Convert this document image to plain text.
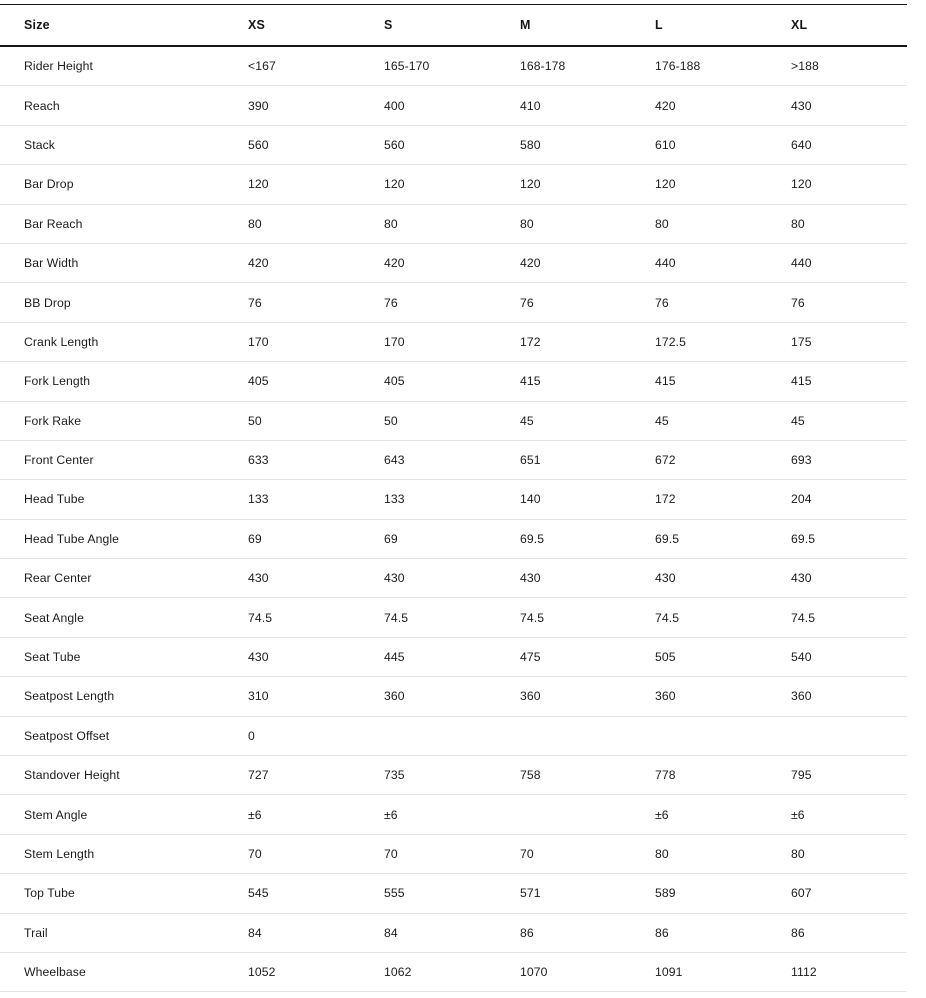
Size	XS	S	M	L	XL
Rider Height	<167	165-170	168-178	176-188	>188
Reach	390	400	410	420	430
Stack	560	560	580	610	640
Bar Drop	120	120	120	120	120
Bar Reach	80	80	80	80	80
Bar Width	420	420	420	440	440
BB Drop	76	76	76	76	76
Crank Length	170	170	172	172.5	175
Fork Length	405	405	415	415	415
Fork Rake	50	50	45	45	45
Front Center	633	643	651	672	693
Head Tube	133	133	140	172	204
Head Tube Angle	69	69	69.5	69.5	69.5
Rear Center	430	430	430	430	430
Seat Angle	74.5	74.5	74.5	74.5	74.5
Seat Tube	430	445	475	505	540
Seatpost Length	310	360	360	360	360
Seatpost Offset	0				
Standover Height	727	735	758	778	795
Stem Angle	±6	±6		±6	±6
Stem Length	70	70	70	80	80
Top Tube	545	555	571	589	607
Trail	84	84	86	86	86
Wheelbase	1052	1062	1070	1091	1112
